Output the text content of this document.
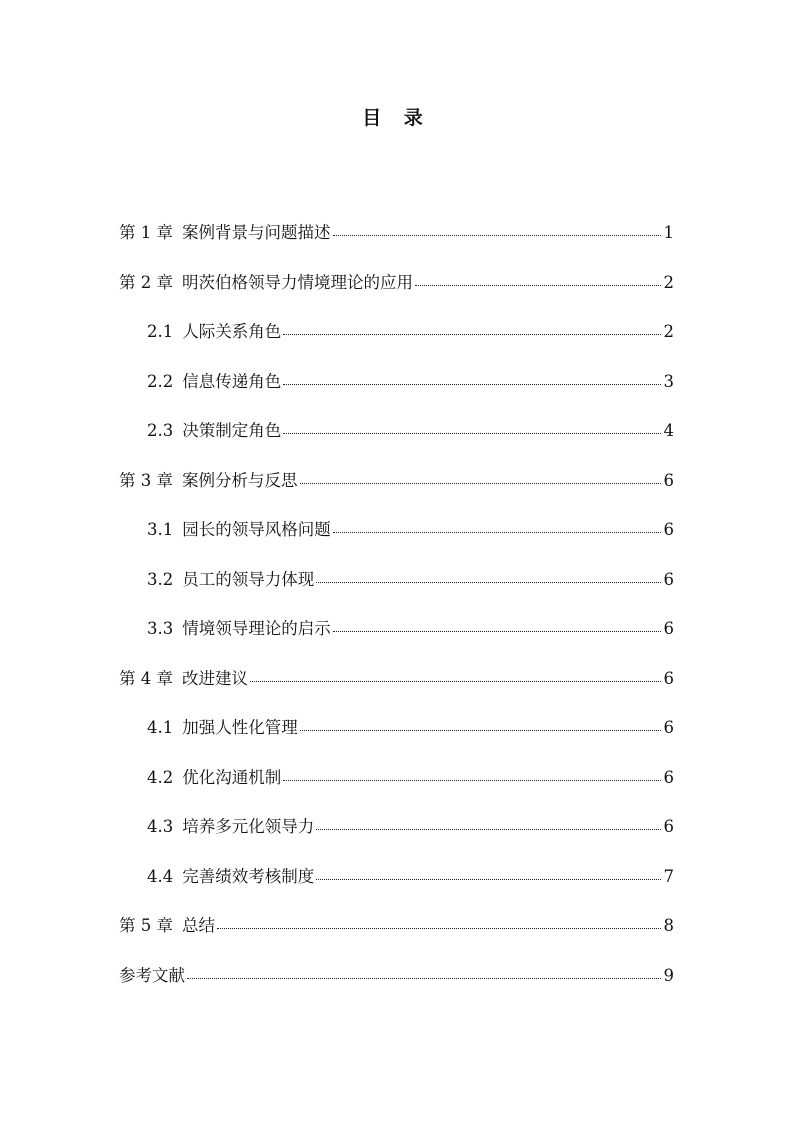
目 录
第 1 章 案例背景与问题描述	1
第 2 章 明茨伯格领导力情境理论的应用	2
2.1 人际关系角色	2
2.2 信息传递角色	3
2.3 决策制定角色	4
第 3 章 案例分析与反思	6
3.1 园长的领导风格问题	6
3.2 员工的领导力体现	6
3.3 情境领导理论的启示	6
第 4 章 改进建议	6
4.1 加强人性化管理	6
4.2 优化沟通机制	6
4.3 培养多元化领导力	6
4.4 完善绩效考核制度	7
第 5 章 总结	8
参考文献	9
